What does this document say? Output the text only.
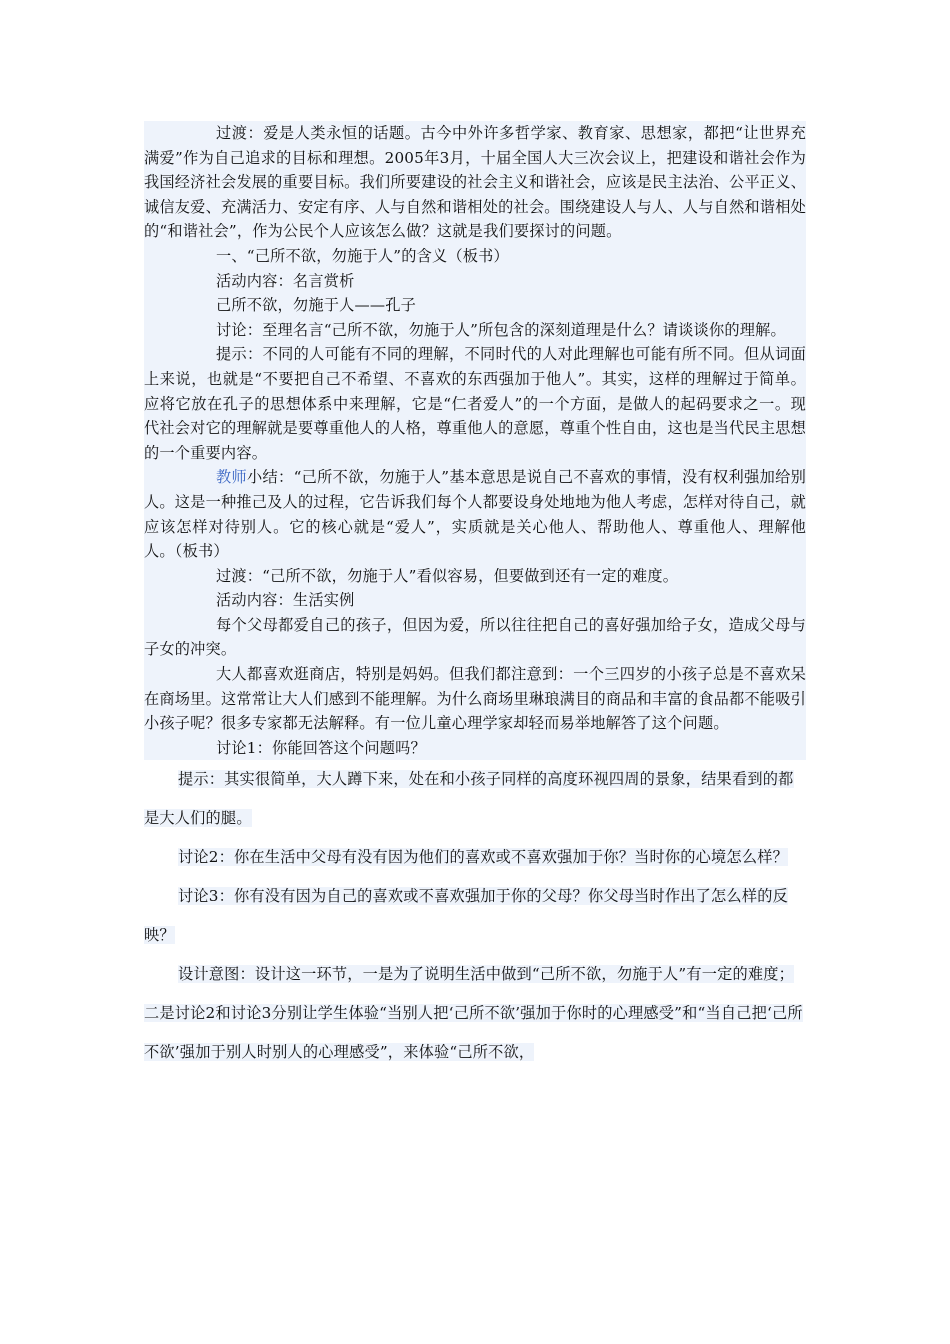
过渡：爱是人类永恒的话题。古今中外许多哲学家、教育家、思想家，都把“让世界充满爱”作为自己追求的目标和理想。2005年3月，十届全国人大三次会议上，把建设和谐社会作为我国经济社会发展的重要目标。我们所要建设的社会主义和谐社会，应该是民主法治、公平正义、诚信友爱、充满活力、安定有序、人与自然和谐相处的社会。围绕建设人与人、人与自然和谐相处的“和谐社会”，作为公民个人应该怎么做？这就是我们要探讨的问题。

一、“己所不欲，勿施于人”的含义（板书）

活动内容：名言赏析

己所不欲，勿施于人——孔子

讨论：至理名言“己所不欲，勿施于人”所包含的深刻道理是什么？请谈谈你的理解。

提示：不同的人可能有不同的理解，不同时代的人对此理解也可能有所不同。但从词面上来说，也就是“不要把自己不希望、不喜欢的东西强加于他人”。其实，这样的理解过于简单。应将它放在孔子的思想体系中来理解，它是“仁者爱人”的一个方面，是做人的起码要求之一。现代社会对它的理解就是要尊重他人的人格，尊重他人的意愿，尊重个性自由，这也是当代民主思想的一个重要内容。

教师小结：“己所不欲，勿施于人”基本意思是说自己不喜欢的事情，没有权利强加给别人。这是一种推己及人的过程，它告诉我们每个人都要设身处地地为他人考虑，怎样对待自己，就应该怎样对待别人。它的核心就是“爱人”，实质就是关心他人、帮助他人、尊重他人、理解他人。（板书）

过渡：“己所不欲，勿施于人”看似容易，但要做到还有一定的难度。

活动内容：生活实例

每个父母都爱自己的孩子，但因为爱，所以往往把自己的喜好强加给子女，造成父母与子女的冲突。

大人都喜欢逛商店，特别是妈妈。但我们都注意到：一个三四岁的小孩子总是不喜欢呆在商场里。这常常让大人们感到不能理解。为什么商场里琳琅满目的商品和丰富的食品都不能吸引小孩子呢？很多专家都无法解释。有一位儿童心理学家却轻而易举地解答了这个问题。

讨论1：你能回答这个问题吗？

提示：其实很简单，大人蹲下来，处在和小孩子同样的高度环视四周的景象，结果看到的都是大人们的腿。

讨论2：你在生活中父母有没有因为他们的喜欢或不喜欢强加于你？当时你的心境怎么样？

讨论3：你有没有因为自己的喜欢或不喜欢强加于你的父母？你父母当时作出了怎么样的反映？

设计意图：设计这一环节，一是为了说明生活中做到“己所不欲，勿施于人”有一定的难度；二是讨论2和讨论3分别让学生体验“当别人把‘己所不欲’强加于你时的心理感受”和“当自己把‘己所不欲’强加于别人时别人的心理感受”，来体验“己所不欲，
